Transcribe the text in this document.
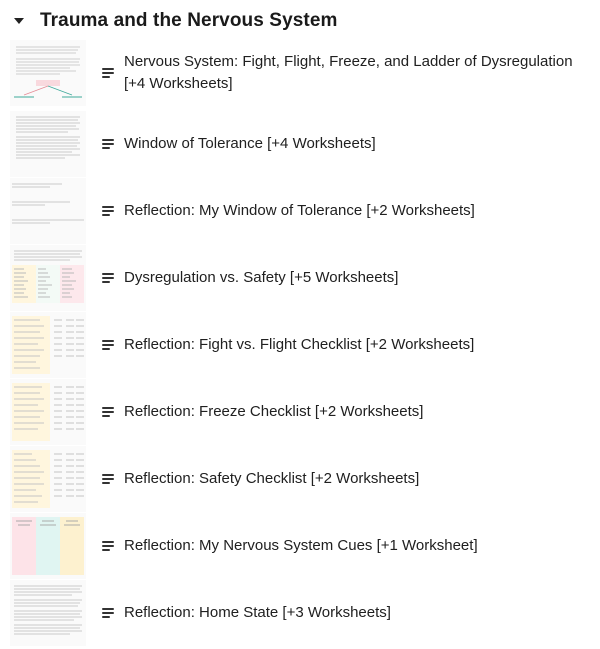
Trauma and the Nervous System
Nervous System: Fight, Flight, Freeze, and Ladder of Dysregulation [+4 Worksheets]
Window of Tolerance [+4 Worksheets]
Reflection: My Window of Tolerance [+2 Worksheets]
Dysregulation vs. Safety [+5 Worksheets]
Reflection: Fight vs. Flight Checklist [+2 Worksheets]
Reflection: Freeze Checklist [+2 Worksheets]
Reflection: Safety Checklist [+2 Worksheets]
Reflection: My Nervous System Cues [+1 Worksheet]
Reflection: Home State [+3 Worksheets]
